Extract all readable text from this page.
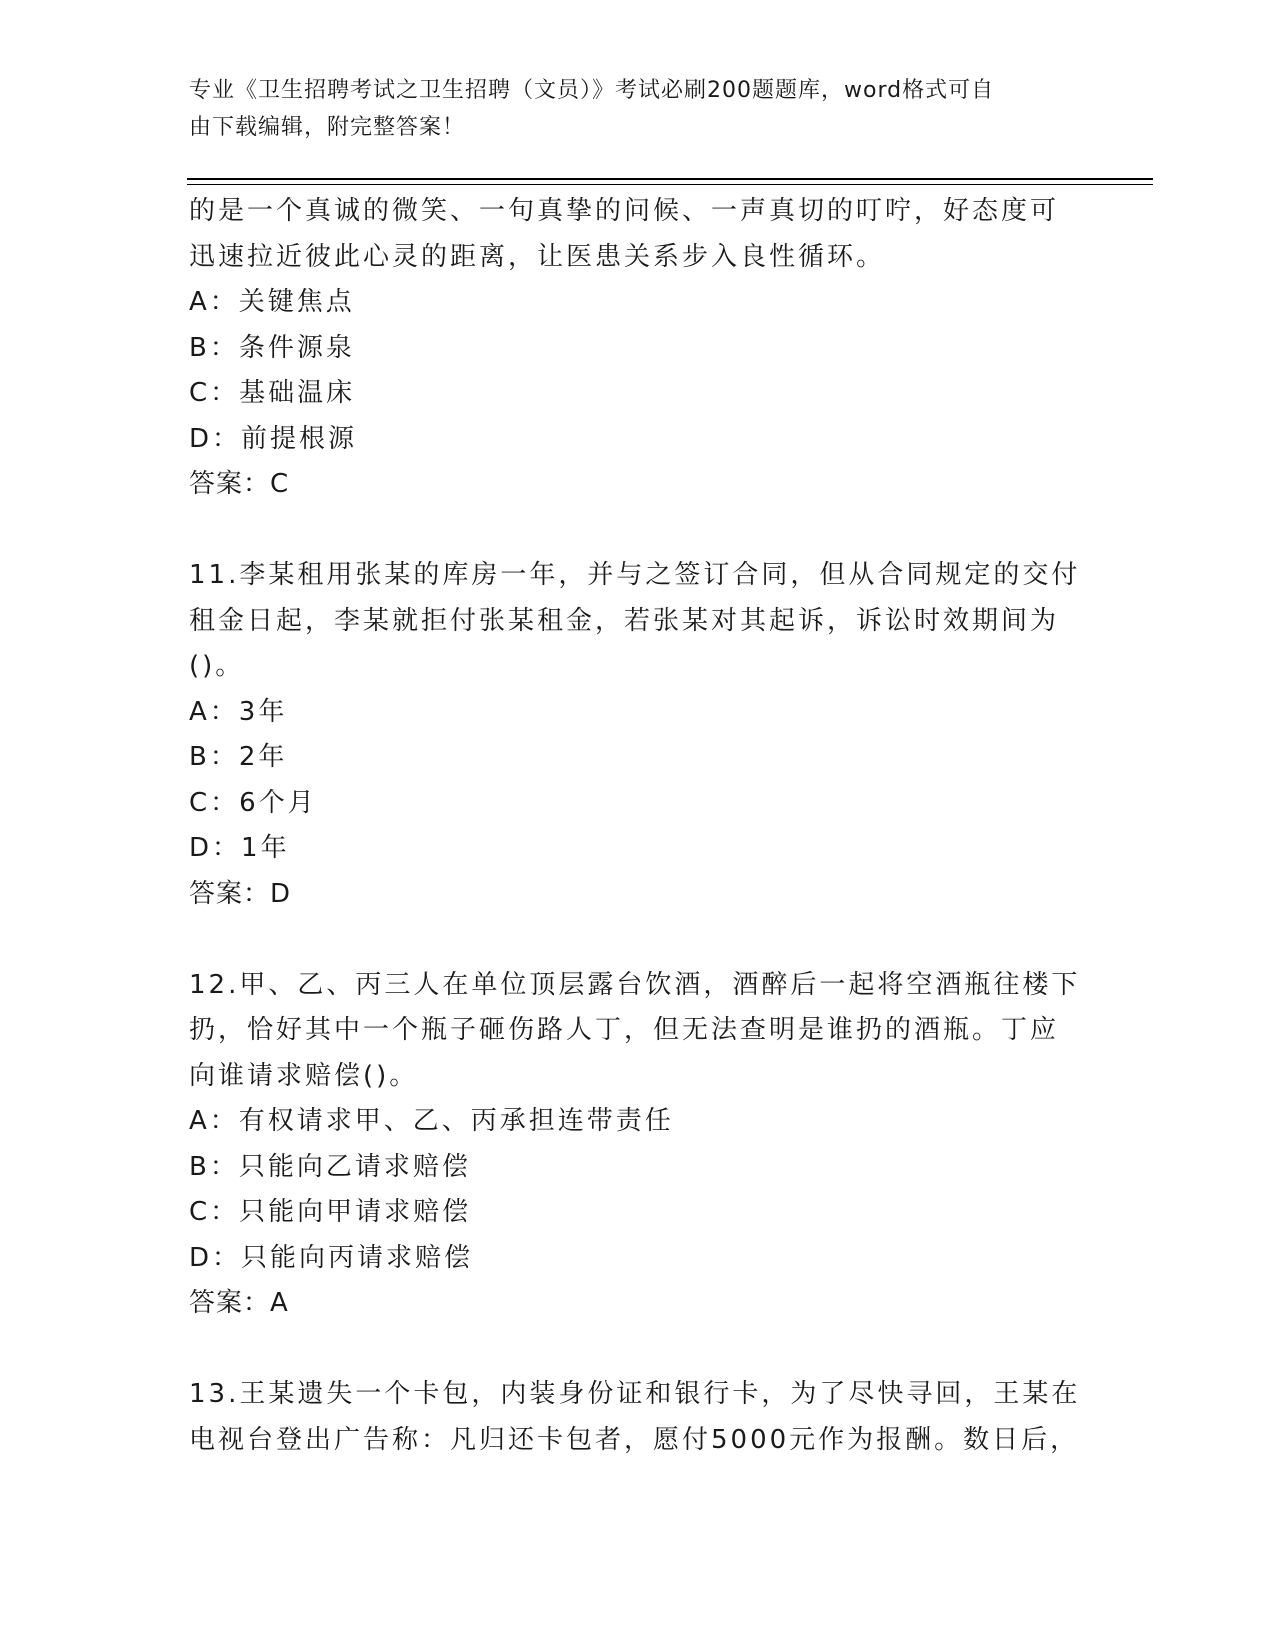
专业《卫生招聘考试之卫生招聘（文员）》考试必刷200题题库，word格式可自
由下载编辑，附完整答案！
的是一个真诚的微笑、一句真挚的问候、一声真切的叮咛，好态度可
迅速拉近彼此心灵的距离，让医患关系步入良性循环。
A：关键焦点
B：条件源泉
C：基础温床
D：前提根源
答案：C
11.李某租用张某的库房一年，并与之签订合同，但从合同规定的交付
租金日起，李某就拒付张某租金，若张某对其起诉，诉讼时效期间为
()。
A：3年
B：2年
C：6个月
D：1年
答案：D
12.甲、乙、丙三人在单位顶层露台饮酒，酒醉后一起将空酒瓶往楼下
扔，恰好其中一个瓶子砸伤路人丁，但无法查明是谁扔的酒瓶。丁应
向谁请求赔偿()。
A：有权请求甲、乙、丙承担连带责任
B：只能向乙请求赔偿
C：只能向甲请求赔偿
D：只能向丙请求赔偿
答案：A
13.王某遗失一个卡包，内装身份证和银行卡，为了尽快寻回，王某在
电视台登出广告称：凡归还卡包者，愿付5000元作为报酬。数日后，
